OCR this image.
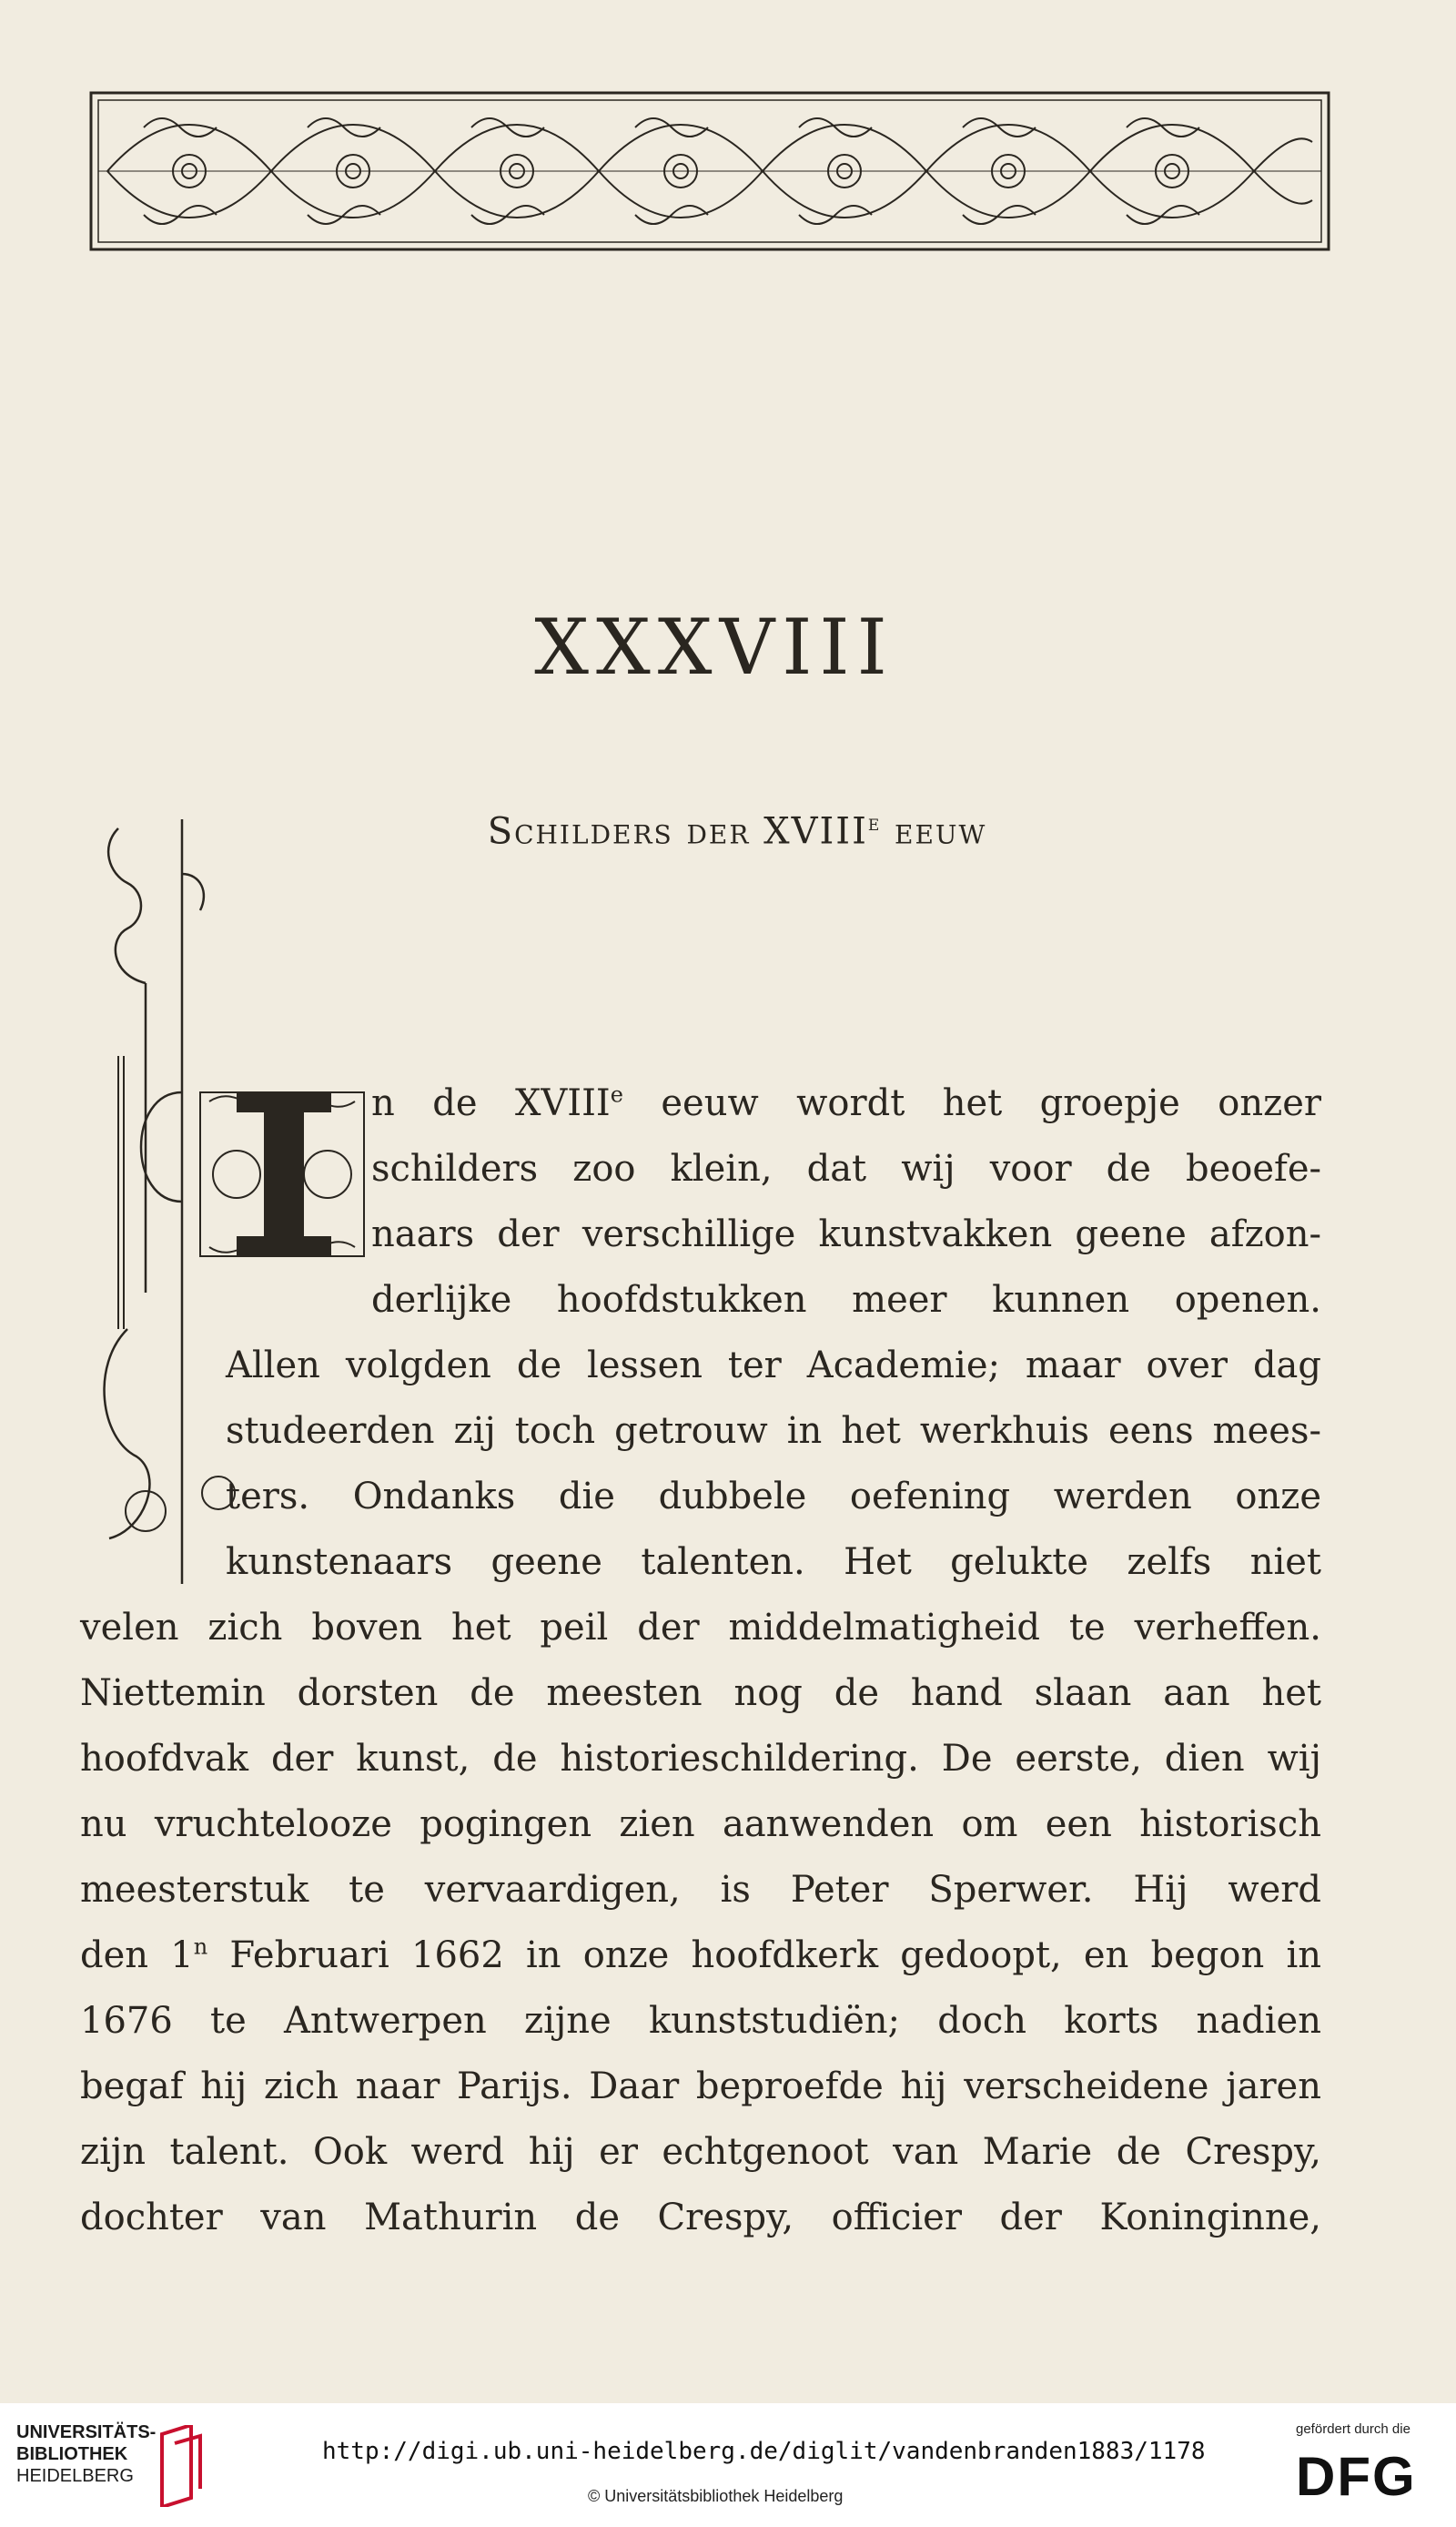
XXXVIII
Schilders der XVIIIe eeuw
n de XVIIIe eeuw wordt het groepje onzer
schilders zoo klein, dat wij voor de beoefe-
naars der verschillige kunstvakken geene afzon-
derlijke hoofdstukken meer kunnen openen.
Allen volgden de lessen ter Academie; maar over dag
studeerden zij toch getrouw in het werkhuis eens mees-
ters. Ondanks die dubbele oefening werden onze
kunstenaars geene talenten. Het gelukte zelfs niet
velen zich boven het peil der middelmatigheid te verheffen.
Niettemin dorsten de meesten nog de hand slaan aan het
hoofdvak der kunst, de historieschildering. De eerste, dien wij
nu vruchtelooze pogingen zien aanwenden om een historisch
meesterstuk te vervaardigen, is Peter Sperwer. Hij werd
den 1$^n$ Februari 1662 in onze hoofdkerk gedoopt, en begon in
1676 te Antwerpen zijne kunststudiën; doch korts nadien
begaf hij zich naar Parijs. Daar beproefde hij verscheidene jaren
zijn talent. Ook werd hij er echtgenoot van Marie de Crespy,
dochter van Mathurin de Crespy, officier der Koninginne,
UNIVERSITÄTS-
BIBLIOTHEK
HEIDELBERG
http://digi.ub.uni-heidelberg.de/diglit/vandenbranden1883/1178
© Universitätsbibliothek Heidelberg
gefördert durch die
DFG
